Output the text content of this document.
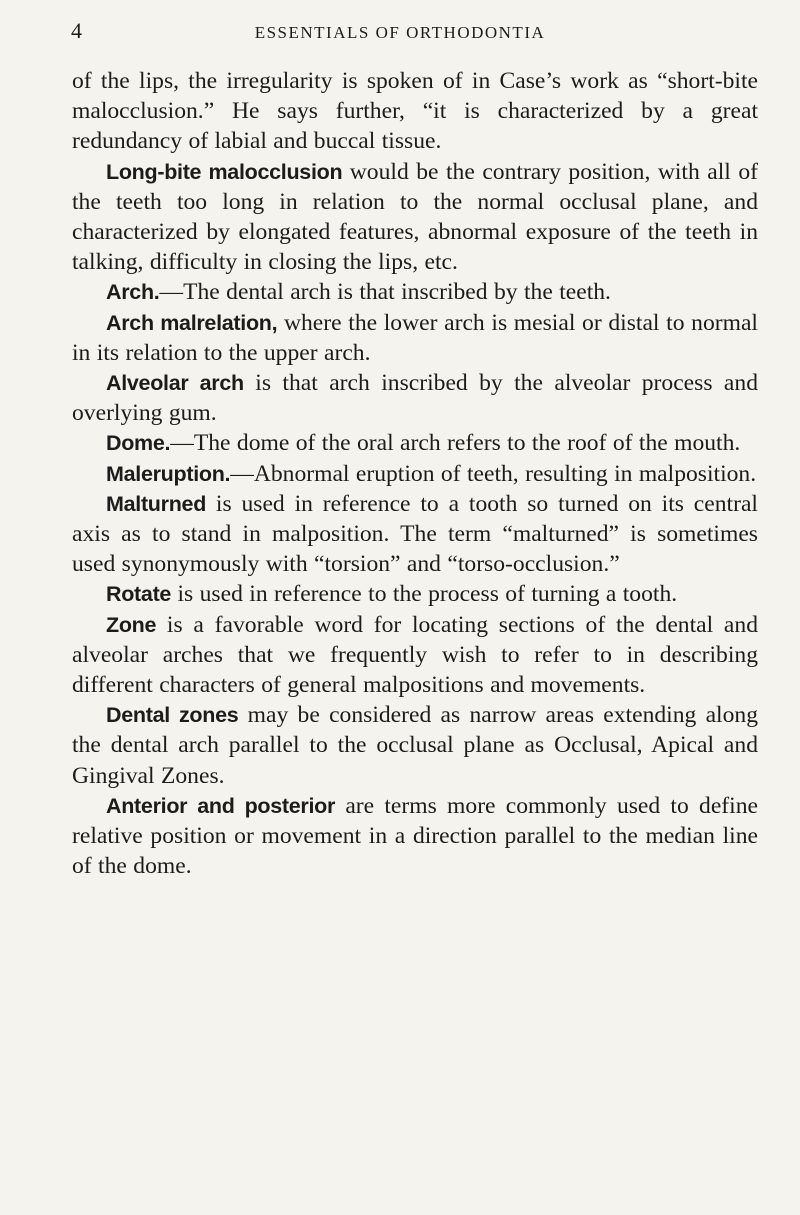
4	ESSENTIALS OF ORTHODONTIA

of the lips, the irregularity is spoken of in Case’s work as “short-bite malocclusion.” He says further, “it is characterized by a great redundancy of labial and buccal tissue.

Long-bite malocclusion would be the contrary position, with all of the teeth too long in relation to the normal occlusal plane, and characterized by elongated features, abnormal exposure of the teeth in talking, difficulty in closing the lips, etc.

Arch.—The dental arch is that inscribed by the teeth.

Arch malrelation, where the lower arch is mesial or distal to normal in its relation to the upper arch.

Alveolar arch is that arch inscribed by the alveolar process and overlying gum.

Dome.—The dome of the oral arch refers to the roof of the mouth.

Maleruption.—Abnormal eruption of teeth, resulting in malposition.

Malturned is used in reference to a tooth so turned on its central axis as to stand in malposition. The term “malturned” is sometimes used synonymously with “torsion” and “torso-occlusion.”

Rotate is used in reference to the process of turning a tooth.

Zone is a favorable word for locating sections of the dental and alveolar arches that we frequently wish to refer to in describing different characters of general malpositions and movements.

Dental zones may be considered as narrow areas extending along the dental arch parallel to the occlusal plane as Occlusal, Apical and Gingival Zones.

Anterior and posterior are terms more commonly used to define relative position or movement in a direction parallel to the median line of the dome.
